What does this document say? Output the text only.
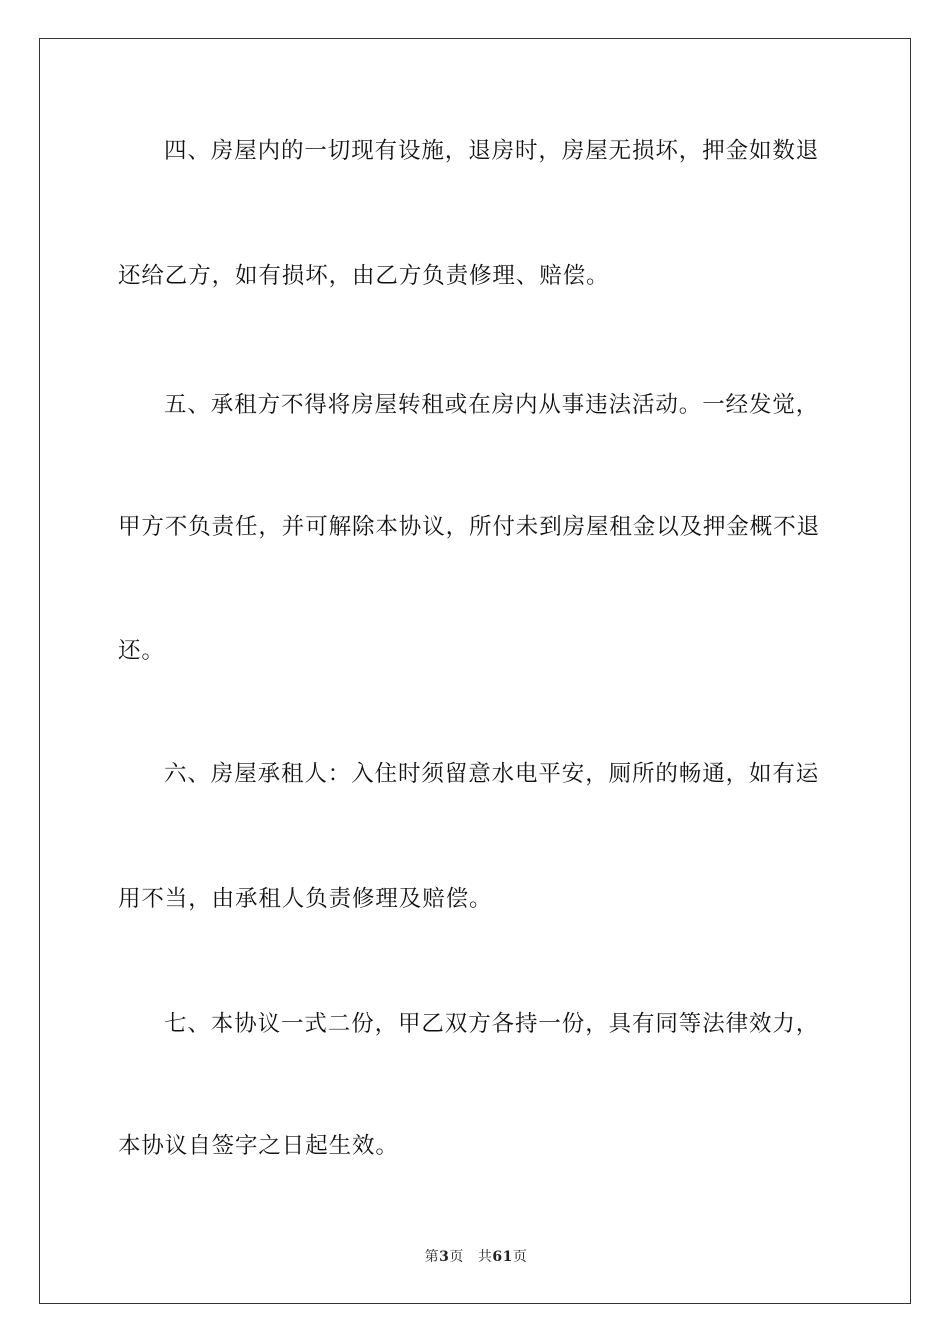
四、房屋内的一切现有设施，退房时，房屋无损坏，押金如数退

还给乙方，如有损坏，由乙方负责修理、赔偿。

五、承租方不得将房屋转租或在房内从事违法活动。一经发觉，

甲方不负责任，并可解除本协议，所付未到房屋租金以及押金概不退

还。

六、房屋承租人：入住时须留意水电平安，厕所的畅通，如有运

用不当，由承租人负责修理及赔偿。

七、本协议一式二份，甲乙双方各持一份，具有同等法律效力，

本协议自签字之日起生效。

第3页 共61页
